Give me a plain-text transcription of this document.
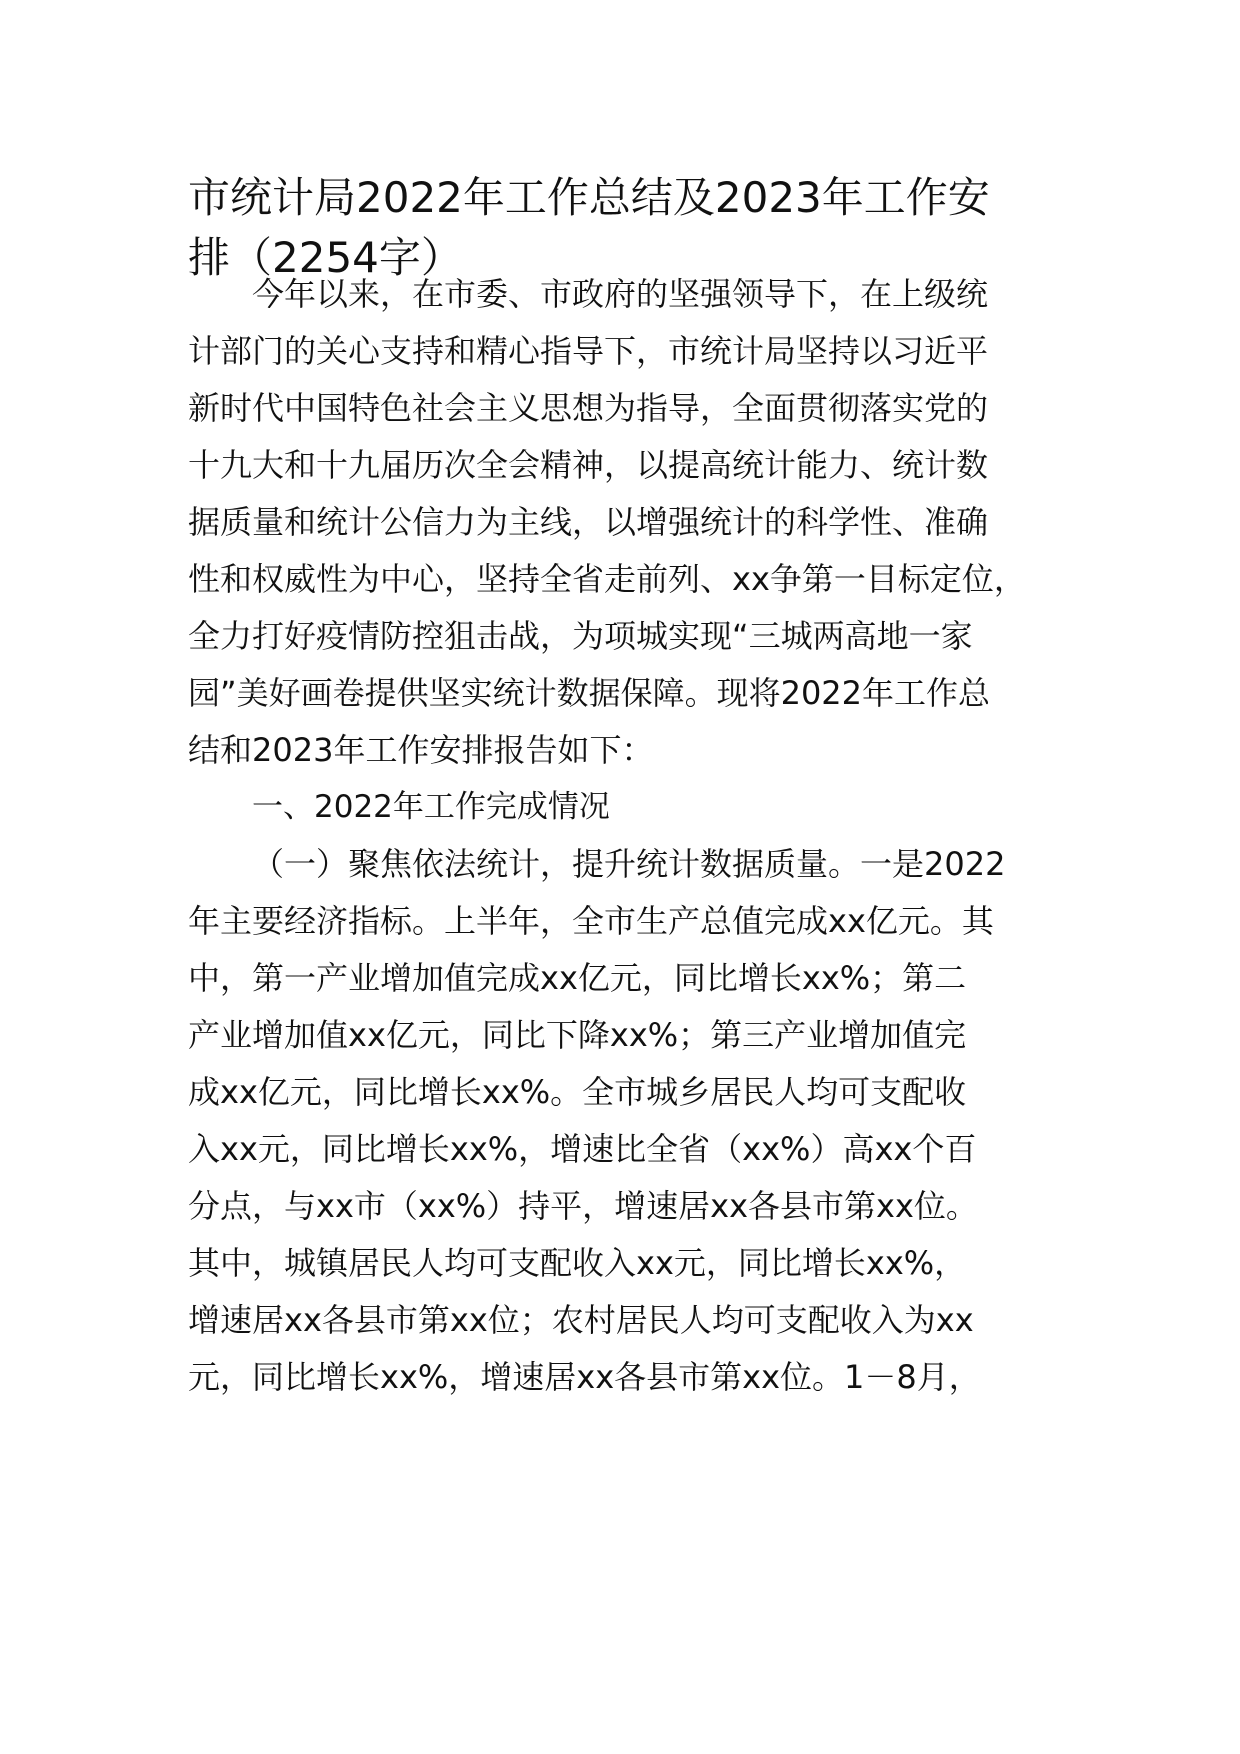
市统计局2022年工作总结及2023年工作安
排（2254字）
今年以来，在市委、市政府的坚强领导下，在上级统
计部门的关心支持和精心指导下，市统计局坚持以习近平
新时代中国特色社会主义思想为指导，全面贯彻落实党的
十九大和十九届历次全会精神，以提高统计能力、统计数
据质量和统计公信力为主线，以增强统计的科学性、准确
性和权威性为中心，坚持全省走前列、xx争第一目标定位，
全力打好疫情防控狙击战，为项城实现“三城两高地一家
园”美好画卷提供坚实统计数据保障。现将2022年工作总
结和2023年工作安排报告如下：
一、2022年工作完成情况
（一）聚焦依法统计，提升统计数据质量。一是2022
年主要经济指标。上半年，全市生产总值完成xx亿元。其
中，第一产业增加值完成xx亿元，同比增长xx%；第二
产业增加值xx亿元，同比下降xx%；第三产业增加值完
成xx亿元，同比增长xx%。全市城乡居民人均可支配收
入xx元，同比增长xx%，增速比全省（xx%）高xx个百
分点，与xx市（xx%）持平，增速居xx各县市第xx位。
其中，城镇居民人均可支配收入xx元，同比增长xx%，
增速居xx各县市第xx位；农村居民人均可支配收入为xx
元，同比增长xx%，增速居xx各县市第xx位。1－8月，
